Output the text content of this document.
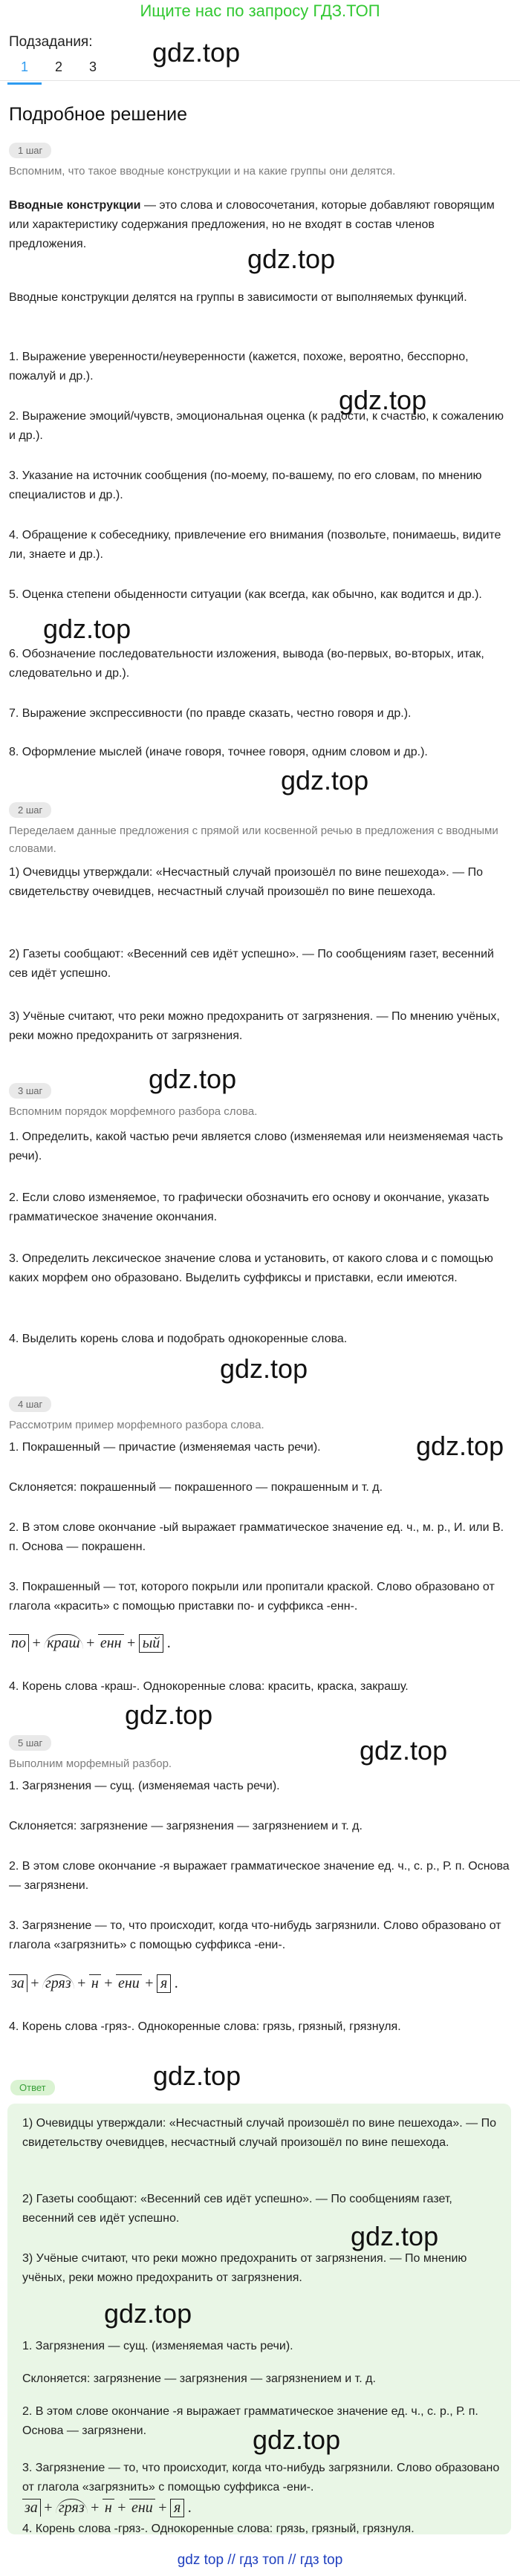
Ищите нас по запросу ГДЗ.ТОП
Подзадания:
1	2	3	gdz.top
Подробное решение
1 шаг
Вспомним, что такое вводные конструкции и на какие группы они делятся.

Вводные конструкции — это слова и словосочетания, которые добавляют говорящим или характеристику содержания предложения, но не входят в состав членов предложения.	gdz.top

Вводные конструкции делятся на группы в зависимости от выполняемых функций.

1. Выражение уверенности/неуверенности (кажется, похоже, вероятно, бесспорно, пожалуй и др.).

2. Выражение эмоций/чувств, эмоциональная оценка (к радости, к счастью, к сожалению и др.).

gdz.top

3. Указание на источник сообщения (по-моему, по-вашему, по его словам, по мнению специалистов и др.).

4. Обращение к собеседнику, привлечение его внимания (позвольте, понимаешь, видите ли, знаете и др.).

5. Оценка степени обыденности ситуации (как всегда, как обычно, как водится и др.).

gdz.top

6. Обозначение последовательности изложения, вывода (во-первых, во-вторых, итак, следовательно и др.).

7. Выражение экспрессивности (по правде сказать, честно говоря и др.).

8. Оформление мыслей (иначе говоря, точнее говоря, одним словом и др.).

gdz.top
2 шаг
Переделаем данные предложения с прямой или косвенной речью в предложения с вводными словами.

1) Очевидцы утверждали: «Несчастный случай произошёл по вине пешехода». — По свидетельству очевидцев, несчастный случай произошёл по вине пешехода.

2) Газеты сообщают: «Весенний сев идёт успешно». — По сообщениям газет, весенний сев идёт успешно.

3) Учёные считают, что реки можно предохранить от загрязнения. — По мнению учёных, реки можно предохранить от загрязнения.

gdz.top
3 шаг
Вспомним порядок морфемного разбора слова.

1. Определить, какой частью речи является слово (изменяемая или неизменяемая часть речи).

2. Если слово изменяемое, то графически обозначить его основу и окончание, указать грамматическое значение окончания.

3. Определить лексическое значение слова и установить, от какого слова и с помощью каких морфем оно образовано. Выделить суффиксы и приставки, если имеются.

4. Выделить корень слова и подобрать однокоренные слова.

gdz.top
4 шаг
Рассмотрим пример морфемного разбора слова.

1. Покрашенный — причастие (изменяемая часть речи).	gdz.top

Склоняется: покрашенный — покрашенного — покрашенным и т. д.

2. В этом слове окончание -ый выражает грамматическое значение ед. ч., м. р., И. или В. п. Основа — покрашенн.

3. Покрашенный — тот, которого покрыли или пропитали краской. Слово образовано от глагола «красить» с помощью приставки по- и суффикса -енн-.

по + краш + енн + ый .

4. Корень слова -краш-. Однокоренные слова: красить, краска, закрашу.

gdz.top
5 шаг
Выполним морфемный разбор.	gdz.top

1. Загрязнения — сущ. (изменяемая часть речи).

Склоняется: загрязнение — загрязнения — загрязнением и т. д.

2. В этом слове окончание -я выражает грамматическое значение ед. ч., с. р., Р. п. Основа — загрязнени.

3. Загрязнение — то, что происходит, когда что-нибудь загрязнили. Слово образовано от глагола «загрязнить» с помощью суффикса -ени-.

за + гряз + н + ени + я .

4. Корень слова -гряз-. Однокоренные слова: грязь, грязный, грязнуля.

Ответ	gdz.top

1) Очевидцы утверждали: «Несчастный случай произошёл по вине пешехода». — По свидетельству очевидцев, несчастный случай произошёл по вине пешехода.

2) Газеты сообщают: «Весенний сев идёт успешно». — По сообщениям газет, весенний сев идёт успешно.

gdz.top

3) Учёные считают, что реки можно предохранить от загрязнения. — По мнению учёных, реки можно предохранить от загрязнения.

gdz.top

1. Загрязнения — сущ. (изменяемая часть речи).

Склоняется: загрязнение — загрязнения — загрязнением и т. д.

2. В этом слове окончание -я выражает грамматическое значение ед. ч., с. р., Р. п. Основа — загрязнени.	gdz.top

3. Загрязнение — то, что происходит, когда что-нибудь загрязнили. Слово образовано от глагола «загрязнить» с помощью суффикса -ени-.

за + гряз + н + ени + я .

4. Корень слова -гряз-. Однокоренные слова: грязь, грязный, грязнуля.

gdz top // гдз топ // гдз top
